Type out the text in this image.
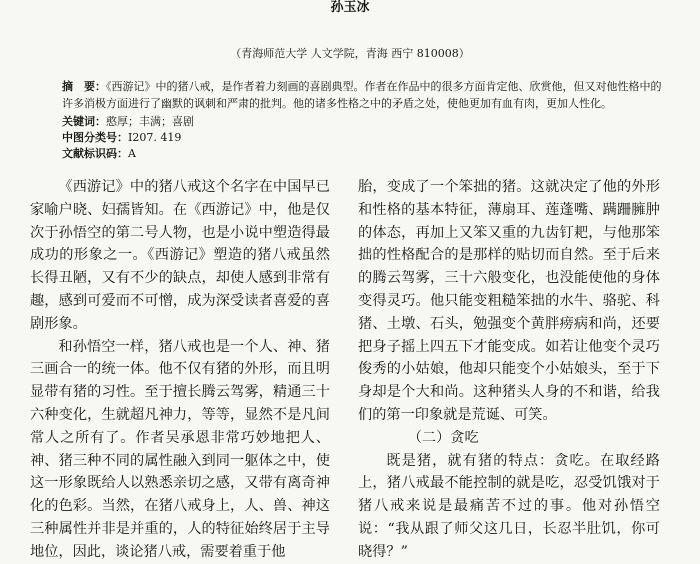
孙玉冰
（青海师范大学 人文学院，青海 西宁 810008）
摘　要：《西游记》中的猪八戒，是作者着力刻画的喜剧典型。作者在作品中的很多方面肯定他、欣赏他，但又对他性格中的许多消极方面进行了幽默的讽刺和严肃的批判。他的诸多性格之中的矛盾之处，使他更加有血有肉，更加人性化。
关键词：憨厚；丰满；喜剧
中图分类号：I207. 419
文献标识码：A

《西游记》中的猪八戒这个名字在中国早已家喻户晓、妇孺皆知。在《西游记》中，他是仅次于孙悟空的第二号人物，也是小说中塑造得最成功的形象之一。《西游记》塑造的猪八戒虽然长得丑陋，又有不少的缺点，却使人感到非常有趣，感到可爱而不可憎，成为深受读者喜爱的喜剧形象。

和孙悟空一样，猪八戒也是一个人、神、猪三画合一的统一体。他不仅有猪的外形，而且明显带有猪的习性。至于擅长腾云驾雾，精通三十六种变化，生就超凡神力，等等，显然不是凡间常人之所有了。作者吴承恩非常巧妙地把人、神、猪三种不同的属性融入到同一躯体之中，使这一形象既给人以熟悉亲切之感，又带有离奇神化的色彩。当然，在猪八戒身上，人、兽、神这三种属性并非是并重的，人的特征始终居于主导地位，因此，谈论猪八戒，需要着重于他

胎，变成了一个笨拙的猪。这就决定了他的外形和性格的基本特征，薄扇耳、莲蓬嘴、蹒跚臃肿的体态，再加上又笨又重的九齿钉耙，与他那笨拙的性格配合的是那样的贴切而自然。至于后来的腾云驾雾，三十六般变化，也没能使他的身体变得灵巧。他只能变粗糙笨拙的水牛、骆驼、科猪、土墩、石头，勉强变个黄胖痨病和尚，还要把身子摇上四五下才能变成。如若让他变个灵巧俊秀的小姑娘，他却只能变个小姑娘头，至于下身却是个大和尚。这种猪头人身的不和谐，给我们的第一印象就是荒诞、可笑。

（二）贪吃

既是猪，就有猪的特点：贪吃。在取经路上，猪八戒最不能控制的就是吃，忍受饥饿对于猪八戒来说是最痛苦不过的事。他对孙悟空说：“我从跟了师父这几日，长忍半肚饥，你可晓得？”
